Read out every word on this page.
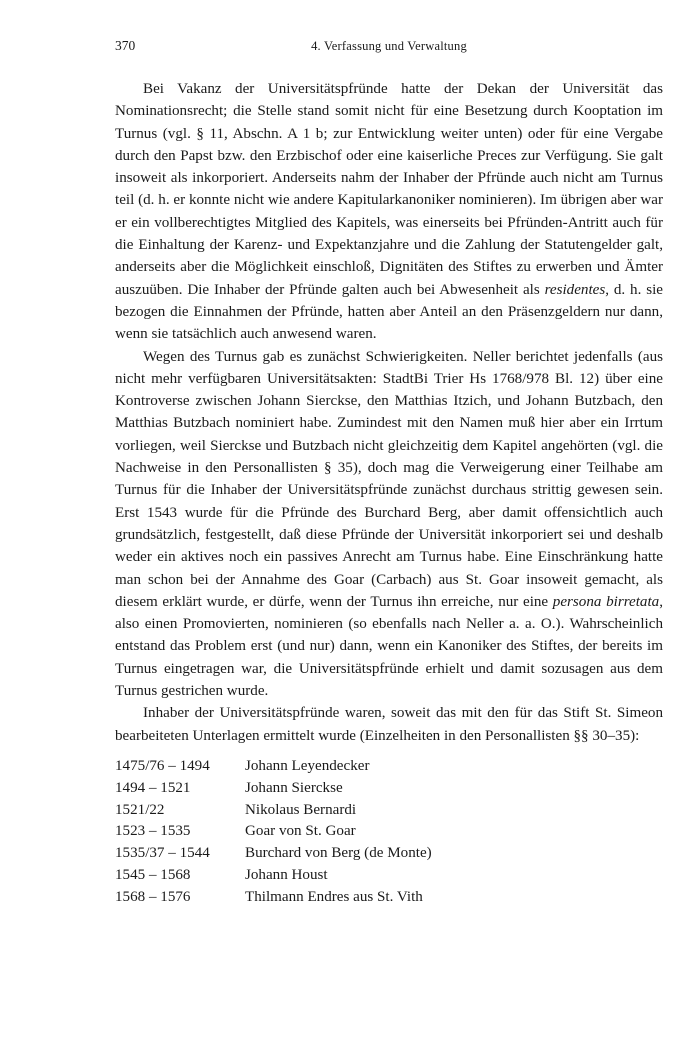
370	4. Verfassung und Verwaltung

Bei Vakanz der Universitätspfründe hatte der Dekan der Universität das Nominationsrecht; die Stelle stand somit nicht für eine Besetzung durch Kooptation im Turnus (vgl. § 11, Abschn. A 1 b; zur Entwicklung weiter unten) oder für eine Vergabe durch den Papst bzw. den Erzbischof oder eine kaiserliche Preces zur Verfügung. Sie galt insoweit als inkorporiert. Anderseits nahm der Inhaber der Pfründe auch nicht am Turnus teil (d. h. er konnte nicht wie andere Kapitularkanoniker nominieren). Im übrigen aber war er ein vollberechtigtes Mitglied des Kapitels, was einerseits bei Pfründen-Antritt auch für die Einhaltung der Karenz- und Expektanzjahre und die Zahlung der Statutengelder galt, anderseits aber die Möglichkeit einschloß, Dignitäten des Stiftes zu erwerben und Ämter auszuüben. Die Inhaber der Pfründe galten auch bei Abwesenheit als residentes, d. h. sie bezogen die Einnahmen der Pfründe, hatten aber Anteil an den Präsenzgeldern nur dann, wenn sie tatsächlich auch anwesend waren.

Wegen des Turnus gab es zunächst Schwierigkeiten. Neller berichtet jedenfalls (aus nicht mehr verfügbaren Universitätsakten: StadtBi Trier Hs 1768/978 Bl. 12) über eine Kontroverse zwischen Johann Sierckse, den Matthias Itzich, und Johann Butzbach, den Matthias Butzbach nominiert habe. Zumindest mit den Namen muß hier aber ein Irrtum vorliegen, weil Sierckse und Butzbach nicht gleichzeitig dem Kapitel angehörten (vgl. die Nachweise in den Personallisten § 35), doch mag die Verweigerung einer Teilhabe am Turnus für die Inhaber der Universitätspfründe zunächst durchaus strittig gewesen sein. Erst 1543 wurde für die Pfründe des Burchard Berg, aber damit offensichtlich auch grundsätzlich, festgestellt, daß diese Pfründe der Universität inkorporiert sei und deshalb weder ein aktives noch ein passives Anrecht am Turnus habe. Eine Einschränkung hatte man schon bei der Annahme des Goar (Carbach) aus St. Goar insoweit gemacht, als diesem erklärt wurde, er dürfe, wenn der Turnus ihn erreiche, nur eine persona birretata, also einen Promovierten, nominieren (so ebenfalls nach Neller a. a. O.). Wahrscheinlich entstand das Problem erst (und nur) dann, wenn ein Kanoniker des Stiftes, der bereits im Turnus eingetragen war, die Universitätspfründe erhielt und damit sozusagen aus dem Turnus gestrichen wurde.

Inhaber der Universitätspfründe waren, soweit das mit den für das Stift St. Simeon bearbeiteten Unterlagen ermittelt wurde (Einzelheiten in den Personallisten §§ 30–35):

1475/76 – 1494	Johann Leyendecker
1494 – 1521	Johann Sierckse
1521/22	Nikolaus Bernardi
1523 – 1535	Goar von St. Goar
1535/37 – 1544	Burchard von Berg (de Monte)
1545 – 1568	Johann Houst
1568 – 1576	Thilmann Endres aus St. Vith
